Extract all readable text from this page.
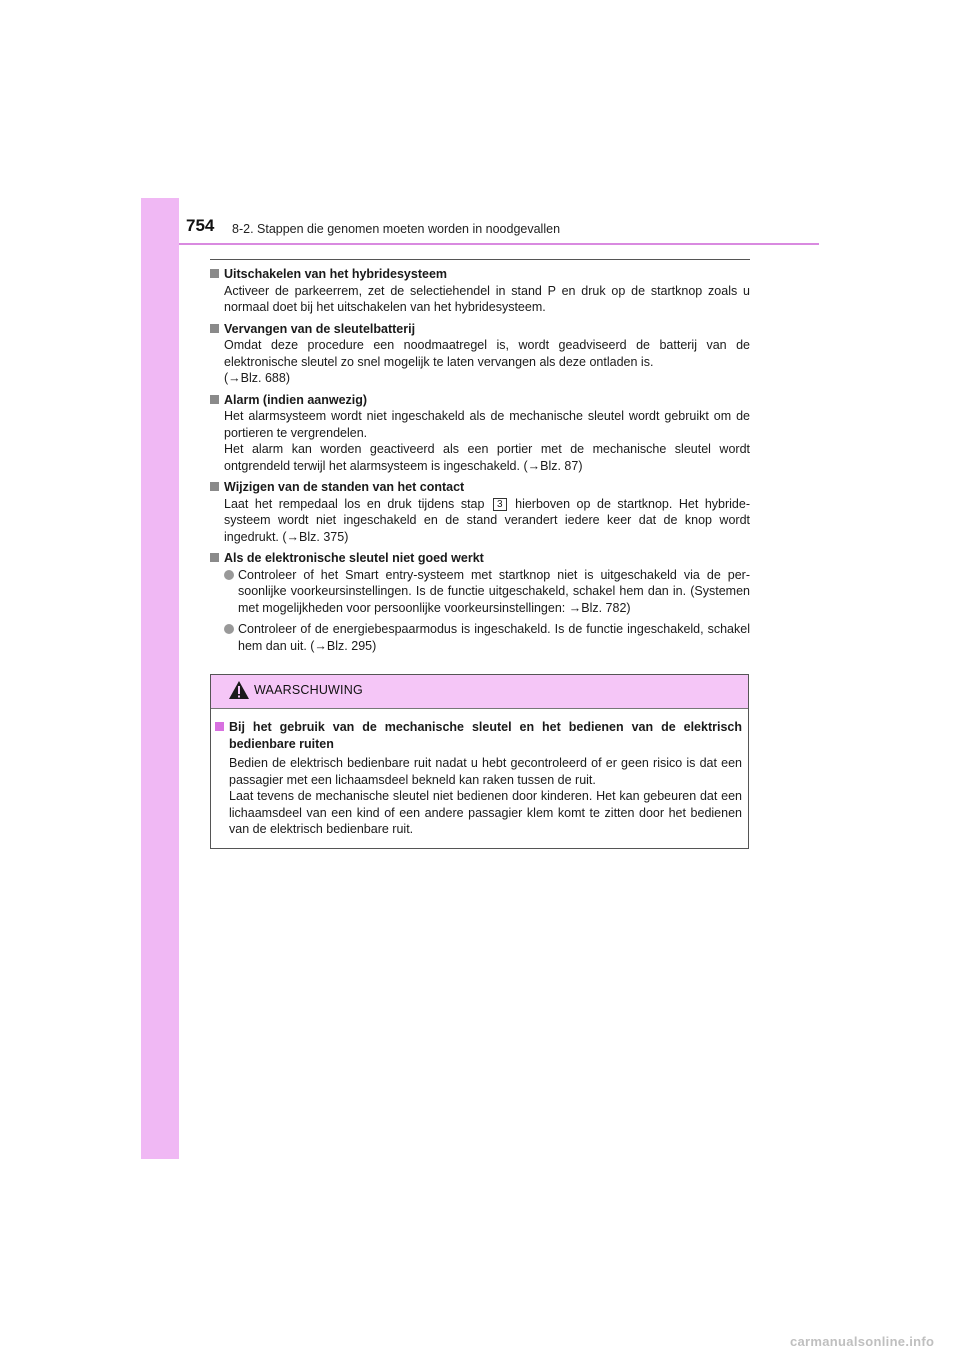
754 8-2. Stappen die genomen moeten worden in noodgevallen
Uitschakelen van het hybridesysteem

Activeer de parkeerrem, zet de selectiehendel in stand P en druk op de startknop zoals u normaal doet bij het uitschakelen van het hybridesysteem.

Vervangen van de sleutelbatterij

Omdat deze procedure een noodmaatregel is, wordt geadviseerd de batterij van de elektronische sleutel zo snel mogelijk te laten vervangen als deze ontladen is.

(→Blz. 688)

Alarm (indien aanwezig)

Het alarmsysteem wordt niet ingeschakeld als de mechanische sleutel wordt gebruikt om de portieren te vergrendelen.

Het alarm kan worden geactiveerd als een portier met de mechanische sleutel wordt ontgrendeld terwijl het alarmsysteem is ingeschakeld. (→Blz. 87)

Wijzigen van de standen van het contact

Laat het rempedaal los en druk tijdens stap 3 hierboven op de startknop. Het hybride-systeem wordt niet ingeschakeld en de stand verandert iedere keer dat de knop wordt ingedrukt. (→Blz. 375)

Als de elektronische sleutel niet goed werkt
Controleer of het Smart entry-systeem met startknop niet is uitgeschakeld via de per-soonlijke voorkeursinstellingen. Is de functie uitgeschakeld, schakel hem dan in. (Systemen met mogelijkheden voor persoonlijke voorkeursinstellingen: →Blz. 782)
Controleer of de energiebespaarmodus is ingeschakeld. Is de functie ingeschakeld, schakel hem dan uit. (→Blz. 295)
WAARSCHUWING
Bij het gebruik van de mechanische sleutel en het bedienen van de elektrisch bedienbare ruiten

Bedien de elektrisch bedienbare ruit nadat u hebt gecontroleerd of er geen risico is dat een passagier met een lichaamsdeel bekneld kan raken tussen de ruit.

Laat tevens de mechanische sleutel niet bedienen door kinderen. Het kan gebeuren dat een lichaamsdeel van een kind of een andere passagier klem komt te zitten door het bedienen van de elektrisch bedienbare ruit.

carmanualsonline.info
